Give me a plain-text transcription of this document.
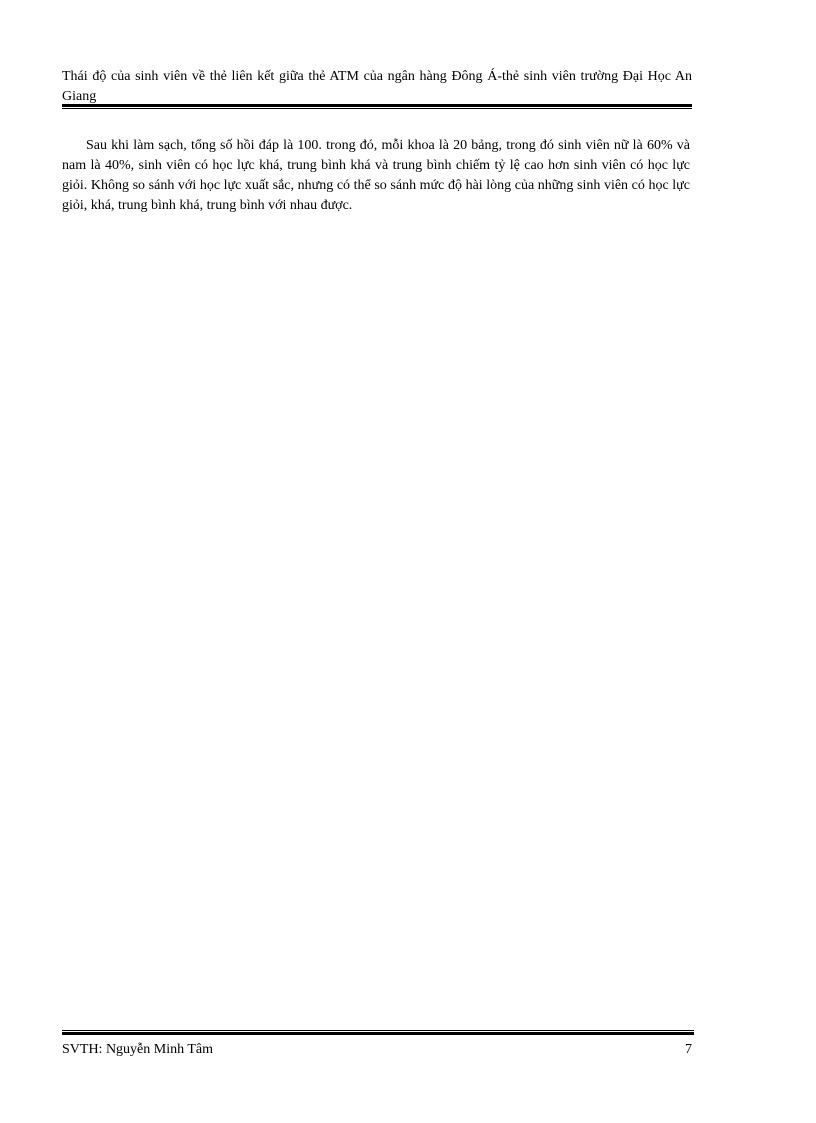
Thái độ của sinh viên về thẻ liên kết giữa thẻ ATM của ngân hàng Đông Á-thẻ sinh viên trường Đại Học An Giang

Sau khi làm sạch, tổng số hồi đáp là 100. trong đó, mỗi khoa là 20 bảng, trong đó sinh viên nữ là 60% và nam là 40%, sinh viên có học lực khá, trung bình khá và trung bình chiếm tỷ lệ cao hơn sinh viên có học lực giỏi. Không so sánh với học lực xuất sắc, nhưng có thể so sánh mức độ hài lòng của những sinh viên có học lực giỏi, khá, trung bình khá, trung bình với nhau được.

SVTH: Nguyễn Minh Tâm	7
